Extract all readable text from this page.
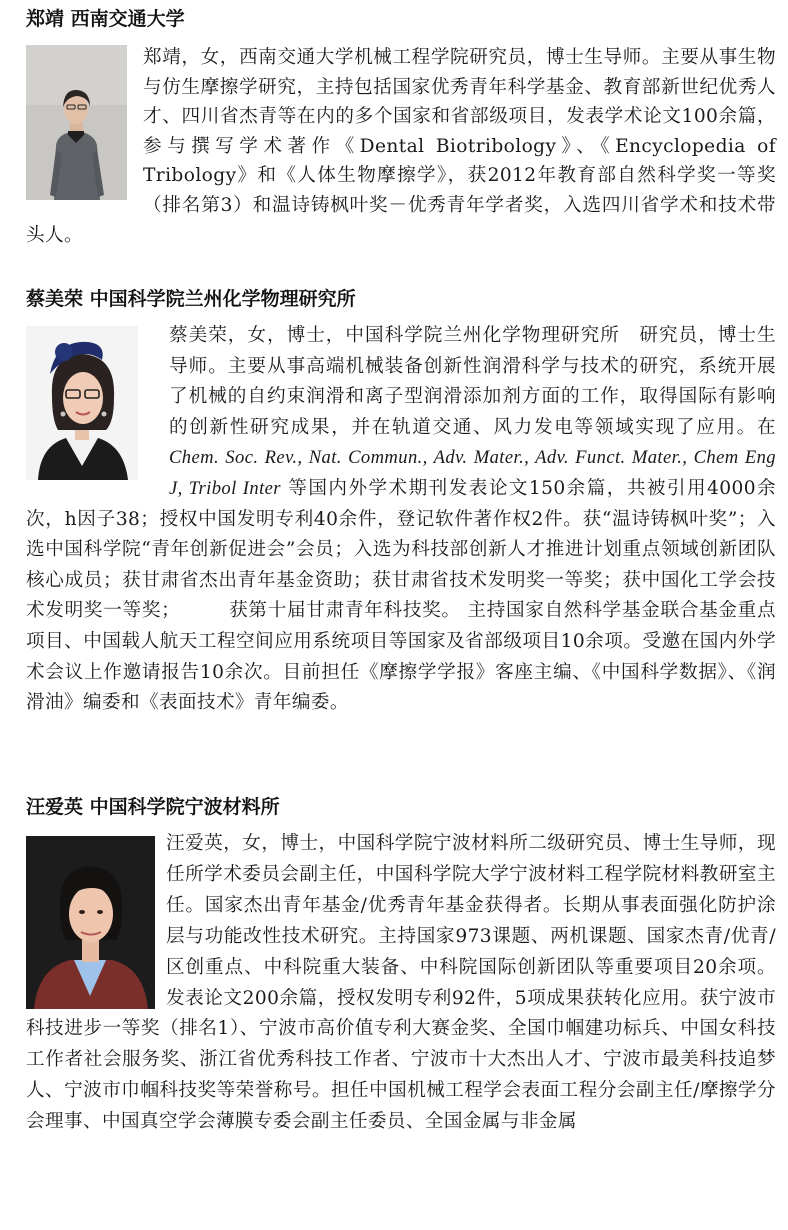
郑靖 西南交通大学

郑靖，女，西南交通大学机械工程学院研究员，博士生导师。主要从事生物与仿生摩擦学研究，主持包括国家优秀青年科学基金、教育部新世纪优秀人才、四川省杰青等在内的多个国家和省部级项目，发表学术论文100余篇，参与撰写学术著作《Dental Biotribology》、《Encyclopedia of Tribology》和《人体生物摩擦学》，获2012年教育部自然科学奖一等奖（排名第3）和温诗铸枫叶奖－优秀青年学者奖，入选四川省学术和技术带头人。

蔡美荣 中国科学院兰州化学物理研究所

蔡美荣，女，博士，中国科学院兰州化学物理研究所　研究员，博士生导师。主要从事高端机械装备创新性润滑科学与技术的研究，系统开展了机械的自约束润滑和离子型润滑添加剂方面的工作，取得国际有影响的创新性研究成果，并在轨道交通、风力发电等领域实现了应用。在Chem. Soc. Rev., Nat. Commun., Adv. Mater., Adv. Funct. Mater., Chem Eng J, Tribol Inter 等国内外学术期刊发表论文150余篇，共被引用4000余次，h因子38；授权中国发明专利40余件，登记软件著作权2件。获“温诗铸枫叶奖”；入选中国科学院“青年创新促进会”会员；入选为科技部创新人才推进计划重点领域创新团队核心成员；获甘肃省杰出青年基金资助；获甘肃省技术发明奖一等奖；获中国化工学会技术发明奖一等奖；　　　获第十届甘肃青年科技奖。 主持国家自然科学基金联合基金重点项目、中国载人航天工程空间应用系统项目等国家及省部级项目10余项。受邀在国内外学术会议上作邀请报告10余次。目前担任《摩擦学学报》客座主编、《中国科学数据》、《润滑油》编委和《表面技术》青年编委。

汪爱英 中国科学院宁波材料所

汪爱英，女，博士，中国科学院宁波材料所二级研究员、博士生导师，现任所学术委员会副主任，中国科学院大学宁波材料工程学院材料教研室主任。国家杰出青年基金/优秀青年基金获得者。长期从事表面强化防护涂层与功能改性技术研究。主持国家973课题、两机课题、国家杰青/优青/区创重点、中科院重大装备、中科院国际创新团队等重要项目20余项。发表论文200余篇，授权发明专利92件，5项成果获转化应用。获宁波市科技进步一等奖（排名1）、宁波市高价值专利大赛金奖、全国巾帼建功标兵、中国女科技工作者社会服务奖、浙江省优秀科技工作者、宁波市十大杰出人才、宁波市最美科技追梦人、宁波市巾帼科技奖等荣誉称号。担任中国机械工程学会表面工程分会副主任/摩擦学分会理事、中国真空学会薄膜专委会副主任委员、全国金属与非金属
